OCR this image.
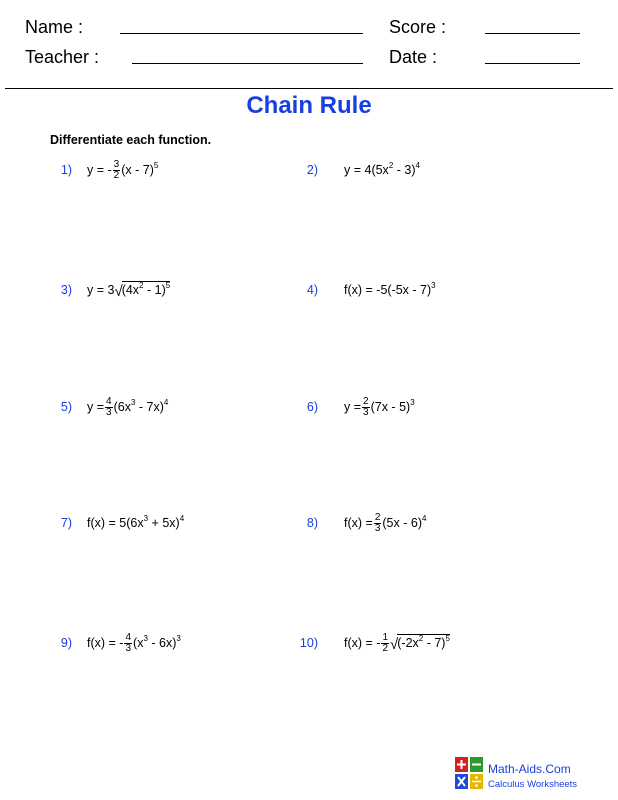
Name :	Score :
Teacher :	Date :
Chain Rule
Differentiate each function.
1) y = - $\frac{3}{2} (x - 7)^5$	2) $y = 4(5x^2 - 3)^4$
3) $y = 3√(4x^2 - 1)^5$	4) f(x) = -5(-5x - 7)$^3$
5) $y = \frac{4}{3} (6x^3 - 7x)^4$	6) $y = \frac{2}{3} (7x - 5)^3$
7) $f(x) = 5(6x^3 + 5x)^4$	8) $f(x) = \frac{2}{3} (5x - 6)^4$
9) f(x) = - $\frac{4}{3} (x^3 - 6x)^3$	10) f(x) = - $\frac{1}{2} √(-2x^2 - 7)^5$
Math-Aids.Com
Calculus Worksheets
